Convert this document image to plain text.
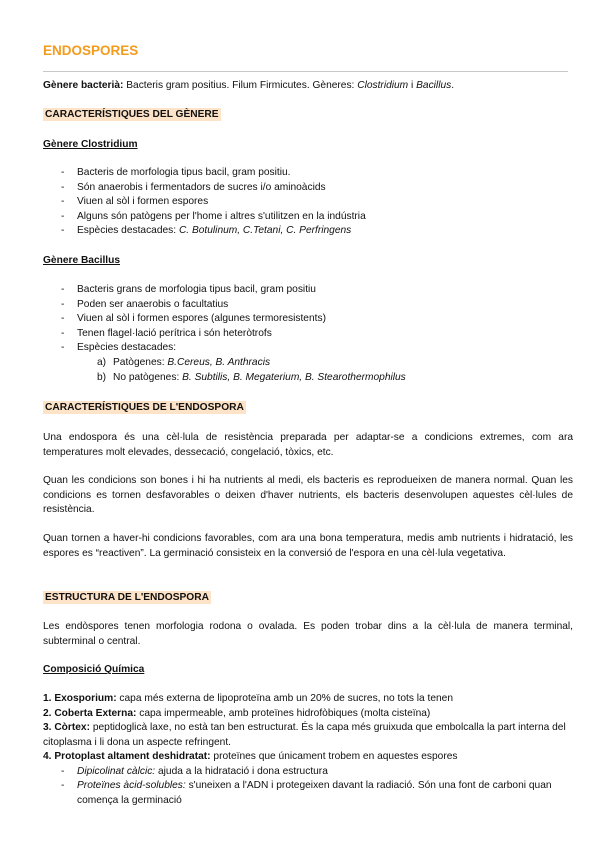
ENDOSPORES
Gènere bacterià: Bacteris gram positius. Filum Firmicutes. Gèneres: Clostridium i Bacillus.
CARACTERÍSTIQUES DEL GÈNERE
Gènere Clostridium
- Bacteris de morfologia tipus bacil, gram positiu.
- Són anaerobis i fermentadors de sucres i/o aminoàcids
- Viuen al sòl i formen espores
- Alguns són patògens per l'home i altres s'utilitzen en la indústria
- Espècies destacades: C. Botulinum, C.Tetani, C. Perfringens
Gènere Bacillus
- Bacteris grans de morfologia tipus bacil, gram positiu
- Poden ser anaerobis o facultatius
- Viuen al sòl i formen espores (algunes termoresistents)
- Tenen flagel·lació perítrica i són heteròtrofs
- Espècies destacades:
a) Patògenes: B.Cereus, B. Anthracis
b) No patògenes: B. Subtilis, B. Megaterium, B. Stearothermophilus
CARACTERÍSTIQUES DE L'ENDOSPORA

Una endospora és una cèl·lula de resistència preparada per adaptar-se a condicions extremes, com ara temperatures molt elevades, dessecació, congelació, tòxics, etc.

Quan les condicions son bones i hi ha nutrients al medi, els bacteris es reprodueixen de manera normal. Quan les condicions es tornen desfavorables o deixen d'haver nutrients, els bacteris desenvolupen aquestes cèl·lules de resistència.

Quan tornen a haver-hi condicions favorables, com ara una bona temperatura, medis amb nutrients i hidratació, les espores es “reactiven”. La germinació consisteix en la conversió de l'espora en una cèl·lula vegetativa.

ESTRUCTURA DE L'ENDOSPORA

Les endòspores tenen morfologia rodona o ovalada. Es poden trobar dins a la cèl·lula de manera terminal, subterminal o central.

Composició Química
1. Exosporium: capa més externa de lipoproteïna amb un 20% de sucres, no tots la tenen
2. Coberta Externa: capa impermeable, amb proteïnes hidrofòbiques (molta cisteïna)
3. Còrtex: peptidoglicà laxe, no està tan ben estructurat. És la capa més gruixuda que embolcalla la part interna del citoplasma i li dona un aspecte refringent.
4. Protoplast altament deshidratat: proteïnes que únicament trobem en aquestes espores
- Dipicolinat càlcic: ajuda a la hidratació i dona estructura
- Proteïnes àcid-solubles: s'uneixen a l'ADN i protegeixen davant la radiació. Són una font de carboni quan comença la germinació
